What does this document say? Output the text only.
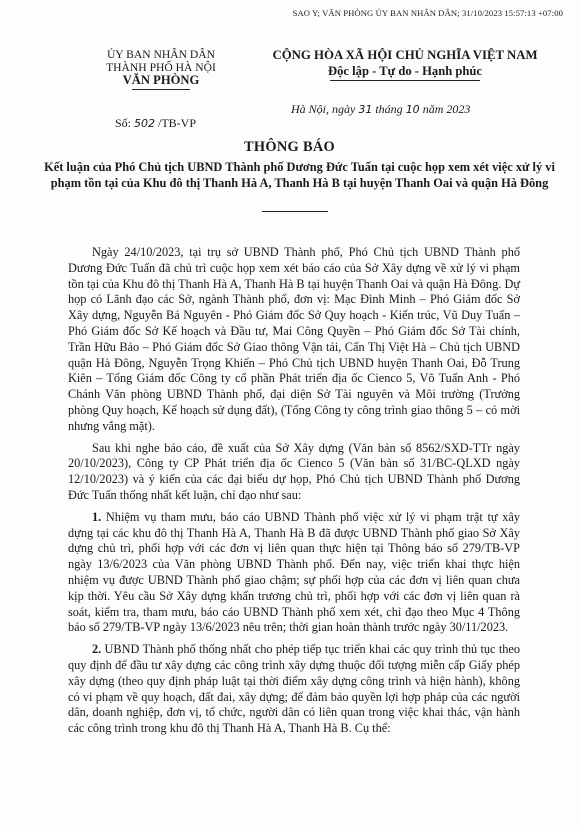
SAO Y; VĂN PHÒNG ỦY BAN NHÂN DÂN; 31/10/2023 15:57:13 +07:00
ỦY BAN NHÂN DÂN
THÀNH PHỐ HÀ NỘI
VĂN PHÒNG
CỘNG HÒA XÃ HỘI CHỦ NGHĨA VIỆT NAM
Độc lập - Tự do - Hạnh phúc
Hà Nội, ngày 31 tháng 10 năm 2023
Số: 502 /TB-VP
THÔNG BÁO
Kết luận của Phó Chủ tịch UBND Thành phố Dương Đức Tuấn tại cuộc họp xem xét việc xử lý vi phạm tồn tại của Khu đô thị Thanh Hà A, Thanh Hà B tại huyện Thanh Oai và quận Hà Đông

Ngày 24/10/2023, tại trụ sở UBND Thành phố, Phó Chủ tịch UBND Thành phố Dương Đức Tuấn đã chủ trì cuộc họp xem xét báo cáo của Sở Xây dựng về xử lý vi phạm tồn tại của Khu đô thị Thanh Hà A, Thanh Hà B tại huyện Thanh Oai và quận Hà Đông. Dự họp có Lãnh đạo các Sở, ngành Thành phố, đơn vị: Mạc Đình Minh – Phó Giám đốc Sở Xây dựng, Nguyễn Bá Nguyên - Phó Giám đốc Sở Quy hoạch - Kiến trúc, Vũ Duy Tuấn – Phó Giám đốc Sở Kế hoạch và Đầu tư, Mai Công Quyền – Phó Giám đốc Sở Tài chính, Trần Hữu Bảo – Phó Giám đốc Sở Giao thông Vận tải, Cấn Thị Việt Hà – Chủ tịch UBND quận Hà Đông, Nguyễn Trọng Khiển – Phó Chủ tịch UBND huyện Thanh Oai, Đỗ Trung Kiên – Tổng Giám đốc Công ty cổ phần Phát triển địa ốc Cienco 5, Võ Tuấn Anh - Phó Chánh Văn phòng UBND Thành phố, đại diện Sở Tài nguyên và Môi trường (Trưởng phòng Quy hoạch, Kế hoạch sử dụng đất), (Tổng Công ty công trình giao thông 5 – có mời nhưng vắng mặt).

Sau khi nghe báo cáo, đề xuất của Sở Xây dựng (Văn bản số 8562/SXD-TTr ngày 20/10/2023), Công ty CP Phát triển địa ốc Cienco 5 (Văn bản số 31/BC-QLXD ngày 12/10/2023) và ý kiến của các đại biểu dự họp, Phó Chủ tịch UBND Thành phố Dương Đức Tuấn thống nhất kết luận, chỉ đạo như sau:

1. Nhiệm vụ tham mưu, báo cáo UBND Thành phố việc xử lý vi phạm trật tự xây dựng tại các khu đô thị Thanh Hà A, Thanh Hà B đã được UBND Thành phố giao Sở Xây dựng chủ trì, phối hợp với các đơn vị liên quan thực hiện tại Thông báo số 279/TB-VP ngày 13/6/2023 của Văn phòng UBND Thành phố. Đến nay, việc triển khai thực hiện nhiệm vụ được UBND Thành phố giao chậm; sự phối hợp của các đơn vị liên quan chưa kịp thời. Yêu cầu Sở Xây dựng khẩn trương chủ trì, phối hợp với các đơn vị liên quan rà soát, kiểm tra, tham mưu, báo cáo UBND Thành phố xem xét, chỉ đạo theo Mục 4 Thông báo số 279/TB-VP ngày 13/6/2023 nêu trên; thời gian hoàn thành trước ngày 30/11/2023.

2. UBND Thành phố thống nhất cho phép tiếp tục triển khai các quy trình thủ tục theo quy định để đầu tư xây dựng các công trình xây dựng thuộc đối tượng miễn cấp Giấy phép xây dựng (theo quy định pháp luật tại thời điểm xây dựng công trình và hiện hành), không có vi phạm về quy hoạch, đất đai, xây dựng; để đảm bảo quyền lợi hợp pháp của các người dân, doanh nghiệp, đơn vị, tổ chức, người dân có liên quan trong việc khai thác, vận hành các công trình trong khu đô thị Thanh Hà A, Thanh Hà B. Cụ thể:
